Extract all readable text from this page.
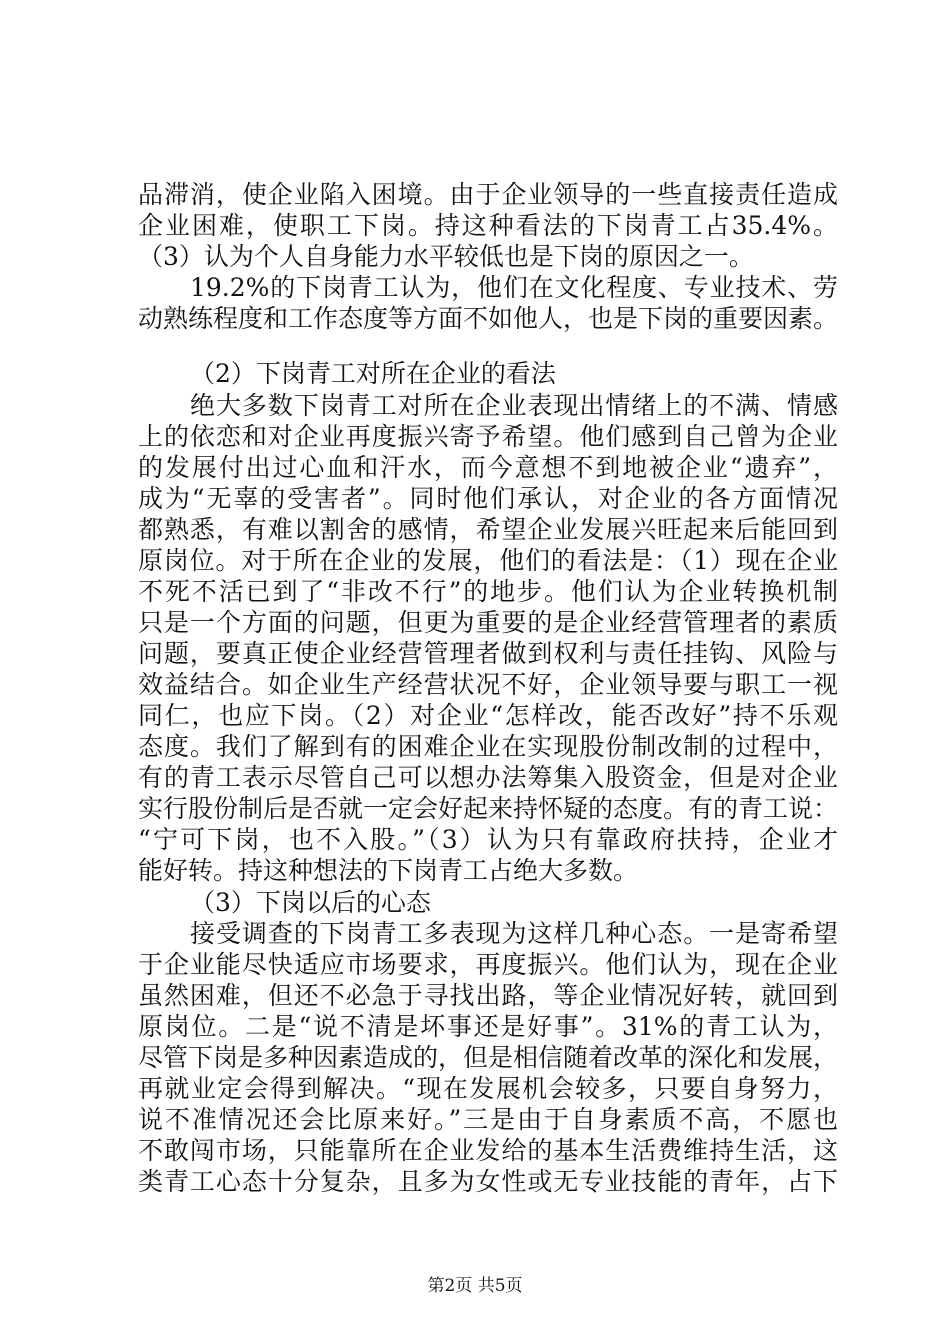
品滞消，使企业陷入困境。由于企业领导的一些直接责任造成
企业困难，使职工下岗。持这种看法的下岗青工占35.4%。
（3）认为个人自身能力水平较低也是下岗的原因之一。
19.2%的下岗青工认为，他们在文化程度、专业技术、劳
动熟练程度和工作态度等方面不如他人，也是下岗的重要因素。
（2）下岗青工对所在企业的看法
绝大多数下岗青工对所在企业表现出情绪上的不满、情感
上的依恋和对企业再度振兴寄予希望。他们感到自己曾为企业
的发展付出过心血和汗水，而今意想不到地被企业“遗弃”，
成为“无辜的受害者”。同时他们承认，对企业的各方面情况
都熟悉，有难以割舍的感情，希望企业发展兴旺起来后能回到
原岗位。对于所在企业的发展，他们的看法是：（1）现在企业
不死不活已到了“非改不行”的地步。他们认为企业转换机制
只是一个方面的问题，但更为重要的是企业经营管理者的素质
问题，要真正使企业经营管理者做到权利与责任挂钩、风险与
效益结合。如企业生产经营状况不好，企业领导要与职工一视
同仁，也应下岗。（2）对企业“怎样改，能否改好”持不乐观
态度。我们了解到有的困难企业在实现股份制改制的过程中，
有的青工表示尽管自己可以想办法筹集入股资金，但是对企业
实行股份制后是否就一定会好起来持怀疑的态度。有的青工说：
“宁可下岗，也不入股。”（3）认为只有靠政府扶持，企业才
能好转。持这种想法的下岗青工占绝大多数。
（3）下岗以后的心态
接受调查的下岗青工多表现为这样几种心态。一是寄希望
于企业能尽快适应市场要求，再度振兴。他们认为，现在企业
虽然困难，但还不必急于寻找出路，等企业情况好转，就回到
原岗位。二是“说不清是坏事还是好事”。31%的青工认为，
尽管下岗是多种因素造成的，但是相信随着改革的深化和发展，
再就业定会得到解决。“现在发展机会较多，只要自身努力，
说不准情况还会比原来好。”三是由于自身素质不高，不愿也
不敢闯市场，只能靠所在企业发给的基本生活费维持生活，这
类青工心态十分复杂，且多为女性或无专业技能的青年，占下
第2页 共5页
